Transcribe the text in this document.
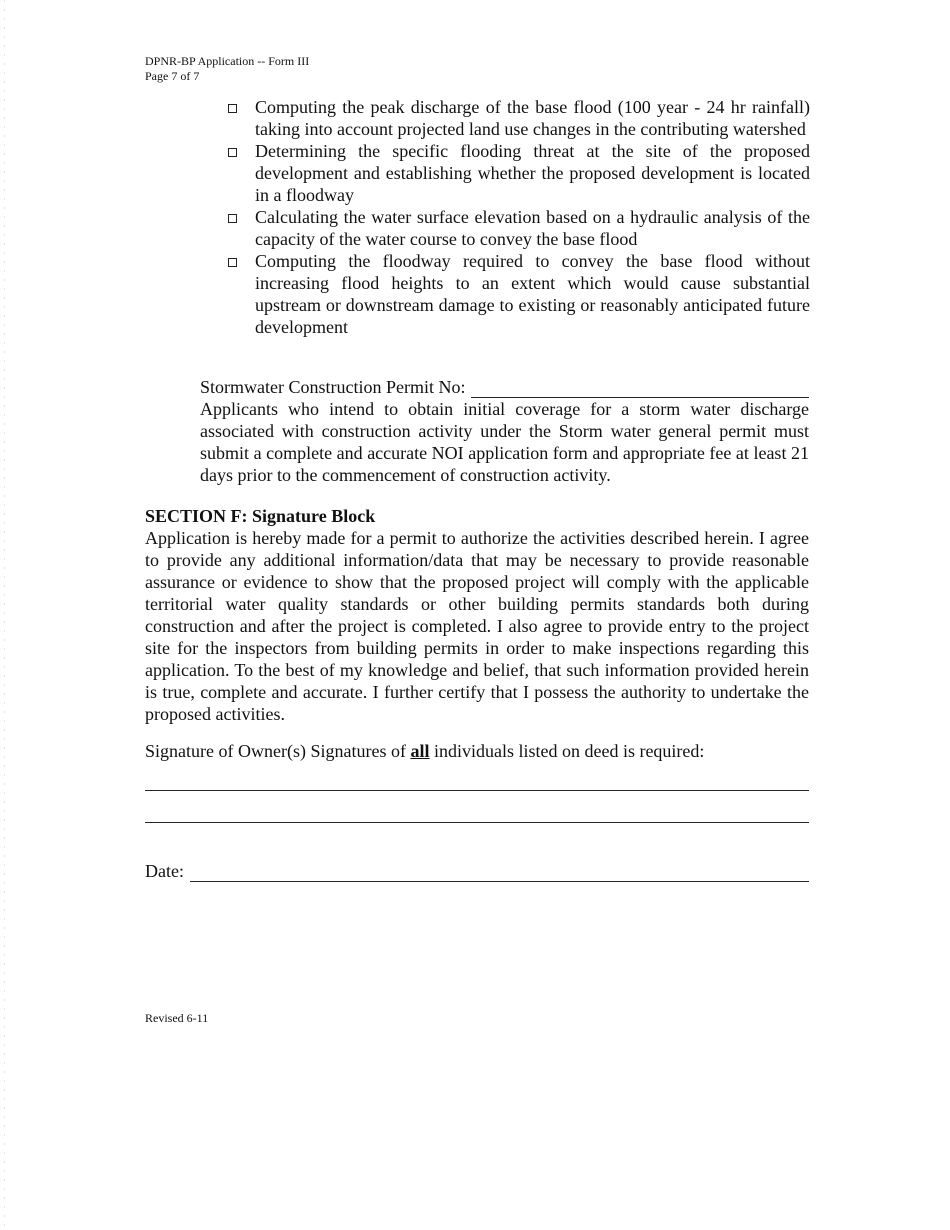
DPNR-BP Application -- Form III
Page 7 of 7
Computing the peak discharge of the base flood (100 year - 24 hr rainfall) taking into account projected land use changes in the contributing watershed
Determining the specific flooding threat at the site of the proposed development and establishing whether the proposed development is located in a floodway
Calculating the water surface elevation based on a hydraulic analysis of the capacity of the water course to convey the base flood
Computing the floodway required to convey the base flood without increasing flood heights to an extent which would cause substantial upstream or downstream damage to existing or reasonably anticipated future development
Stormwater Construction Permit No:
Applicants who intend to obtain initial coverage for a storm water discharge associated with construction activity under the Storm water general permit must submit a complete and accurate NOI application form and appropriate fee at least 21 days prior to the commencement of construction activity.
SECTION F: Signature Block
Application is hereby made for a permit to authorize the activities described herein. I agree to provide any additional information/data that may be necessary to provide reasonable assurance or evidence to show that the proposed project will comply with the applicable territorial water quality standards or other building permits standards both during construction and after the project is completed. I also agree to provide entry to the project site for the inspectors from building permits in order to make inspections regarding this application. To the best of my knowledge and belief, that such information provided herein is true, complete and accurate. I further certify that I possess the authority to undertake the proposed activities.
Signature of Owner(s) Signatures of all individuals listed on deed is required:
Date:
Revised 6-11
